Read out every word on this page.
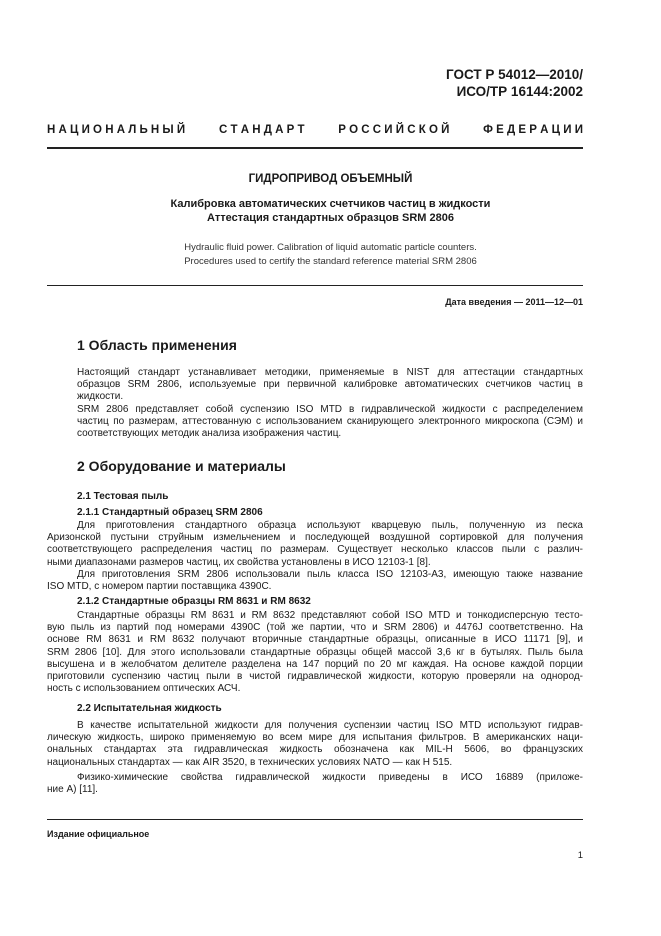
ГОСТ Р 54012—2010/
ИСО/ТР 16144:2002
Н А Ц И О Н А Л Ь Н Ы Й	С Т А Н Д А Р Т	Р О С С И Й С К О Й	Ф Е Д Е Р А Ц И И
ГИДРОПРИВОД ОБЪЕМНЫЙ
Калибровка автоматических счетчиков частиц в жидкости
Аттестация стандартных образцов SRM 2806
Hydraulic fluid power. Calibration of liquid automatic particle counters.
Procedures used to certify the standard reference material SRM 2806
Дата введения — 2011—12—01
1 Область применения
Настоящий стандарт устанавливает методики, применяемые в NIST для аттестации стандартных
образцов SRM 2806, используемые при первичной калибровке автоматических счетчиков частиц в
жидкости.
SRM 2806 представляет собой суспензию ISO MTD в гидравлической жидкости с распределением
частиц по размерам, аттестованную с использованием сканирующего электронного микроскопа (СЭМ) и
соответствующих методик анализа изображения частиц.
2 Оборудование и материалы
2.1 Тестовая пыль
2.1.1 Стандартный образец SRM 2806
Для приготовления стандартного образца используют кварцевую пыль, полученную из песка
Аризонской пустыни струйным измельчением и последующей воздушной сортировкой для получения
соответствующего распределения частиц по размерам. Существует несколько классов пыли с различ-
ными диапазонами размеров частиц, их свойства установлены в ИСО 12103-1 [8].
Для приготовления SRM 2806 использовали пыль класса ISO 12103-A3, имеющую также название
ISO MTD, с номером партии поставщика 4390C.
2.1.2 Стандартные образцы RM 8631 и RM 8632
Стандартные образцы RM 8631 и RM 8632 представляют собой ISO MTD и тонкодисперсную тесто-
вую пыль из партий под номерами 4390C (той же партии, что и SRM 2806) и 4476J соответственно. На
основе RM 8631 и RM 8632 получают вторичные стандартные образцы, описанные в ИСО 11171 [9], и
SRM 2806 [10]. Для этого использовали стандартные образцы общей массой 3,6 кг в бутылях. Пыль была
высушена и в желобчатом делителе разделена на 147 порций по 20 мг каждая. На основе каждой порции
приготовили суспензию частиц пыли в чистой гидравлической жидкости, которую проверяли на однород-
ность с использованием оптических АСЧ.
2.2 Испытательная жидкость
В качестве испытательной жидкости для получения суспензии частиц ISO MTD используют гидрав-
лическую жидкость, широко применяемую во всем мире для испытания фильтров. В американских наци-
ональных стандартах эта гидравлическая жидкость обозначена как MIL-H 5606, во французских
национальных стандартах — как AIR 3520, в технических условиях NATO — как H 515.
Физико-химические свойства гидравлической жидкости приведены в ИСО 16889 (приложе-
ние А) [11].
Издание официальное
1
